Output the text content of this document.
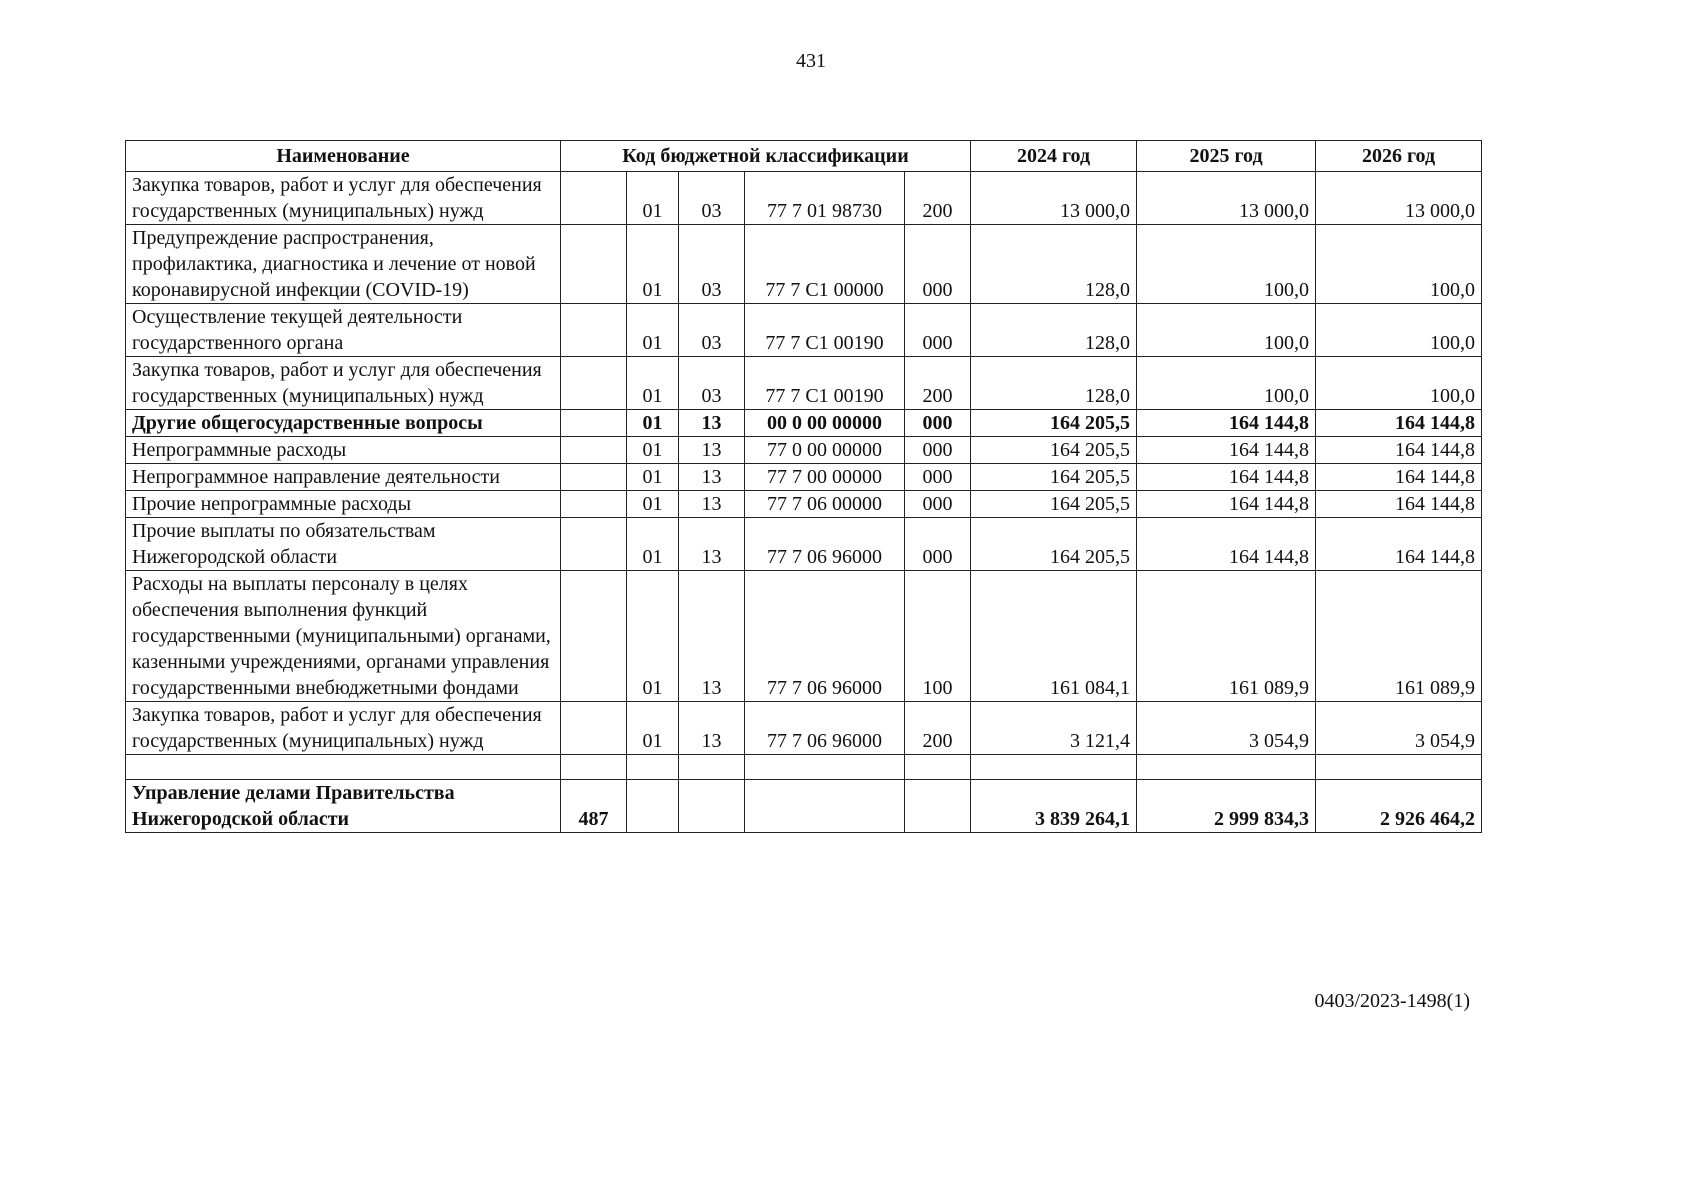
431
Наименование	Код бюджетной классификации					2024 год	2025 год	2026 год
Закупка товаров, работ и услуг для обеспечения государственных (муниципальных) нужд		01	03	77 7 01 98730	200	13 000,0	13 000,0	13 000,0
Предупреждение распространения, профилактика, диагностика и лечение от новой коронавирусной инфекции (COVID-19)		01	03	77 7 C1 00000	000	128,0	100,0	100,0
Осуществление текущей деятельности государственного органа		01	03	77 7 C1 00190	000	128,0	100,0	100,0
Закупка товаров, работ и услуг для обеспечения государственных (муниципальных) нужд		01	03	77 7 C1 00190	200	128,0	100,0	100,0
Другие общегосударственные вопросы		01	13	00 0 00 00000	000	164 205,5	164 144,8	164 144,8
Непрограммные расходы		01	13	77 0 00 00000	000	164 205,5	164 144,8	164 144,8
Непрограммное направление деятельности		01	13	77 7 00 00000	000	164 205,5	164 144,8	164 144,8
Прочие непрограммные расходы		01	13	77 7 06 00000	000	164 205,5	164 144,8	164 144,8
Прочие выплаты по обязательствам Нижегородской области		01	13	77 7 06 96000	000	164 205,5	164 144,8	164 144,8
Расходы на выплаты персоналу в целях обеспечения выполнения функций государственными (муниципальными) органами, казенными учреждениями, органами управления государственными внебюджетными фондами		01	13	77 7 06 96000	100	161 084,1	161 089,9	161 089,9
Закупка товаров, работ и услуг для обеспечения государственных (муниципальных) нужд		01	13	77 7 06 96000	200	3 121,4	3 054,9	3 054,9

Управление делами Правительства Нижегородской области	487					3 839 264,1	2 999 834,3	2 926 464,2
0403/2023-1498(1)
